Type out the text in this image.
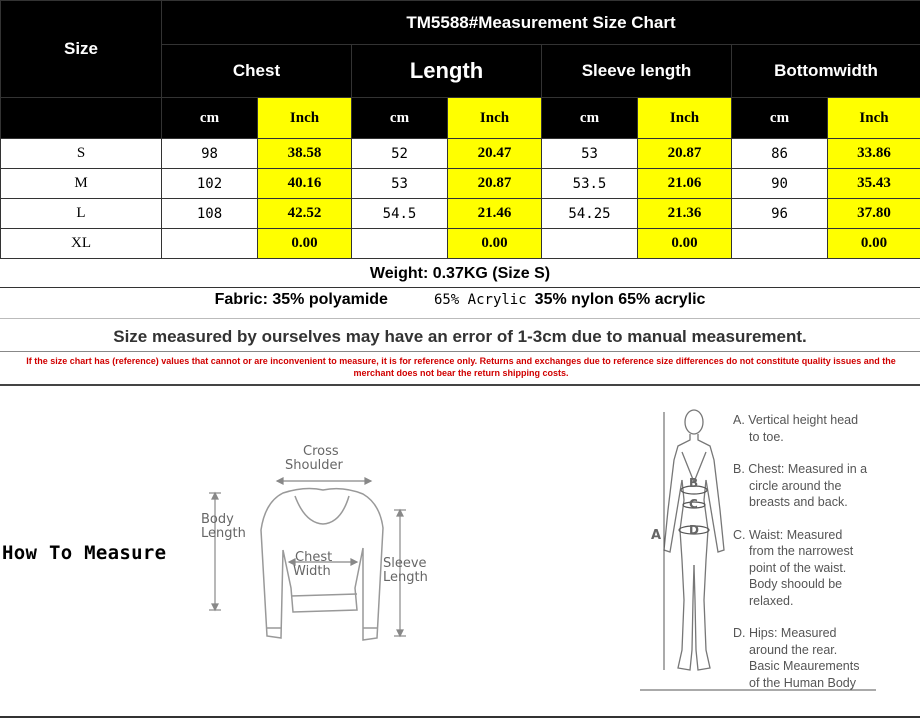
Size	TM5588#Measurement Size Chart							
	Chest		Length		Sleeve length		Bottomwidth	
	cm	Inch	cm	Inch	cm	Inch	cm	Inch
S	98	38.58	52	20.47	53	20.87	86	33.86
M	102	40.16	53	20.87	53.5	21.06	90	35.43
L	108	42.52	54.5	21.46	54.25	21.36	96	37.80
XL		0.00		0.00		0.00		0.00
Weight: 0.37KG (Size S)
Fabric: 35% polyamide	65% Acrylic 35% nylon 65% acrylic
Size measured by ourselves may have an error of 1-3cm due to manual measurement.
If the size chart has (reference) values that cannot or are inconvenient to measure, it is for reference only. Returns and exchanges due to reference size differences do not constitute quality issues and the merchant does not bear the return shipping costs.
How To Measure
Cross
Shoulder
Body
Length
Chest
Width
Sleeve
Length
A
B
C
D
A. Vertical height head
to toe.
B. Chest: Measured in a
circle around the
breasts and back.
C. Waist: Measured
from the narrowest
point of the waist.
Body shoould be
relaxed.
D. Hips: Measured
around the rear.
Basic Meaurements
of the Human Body
